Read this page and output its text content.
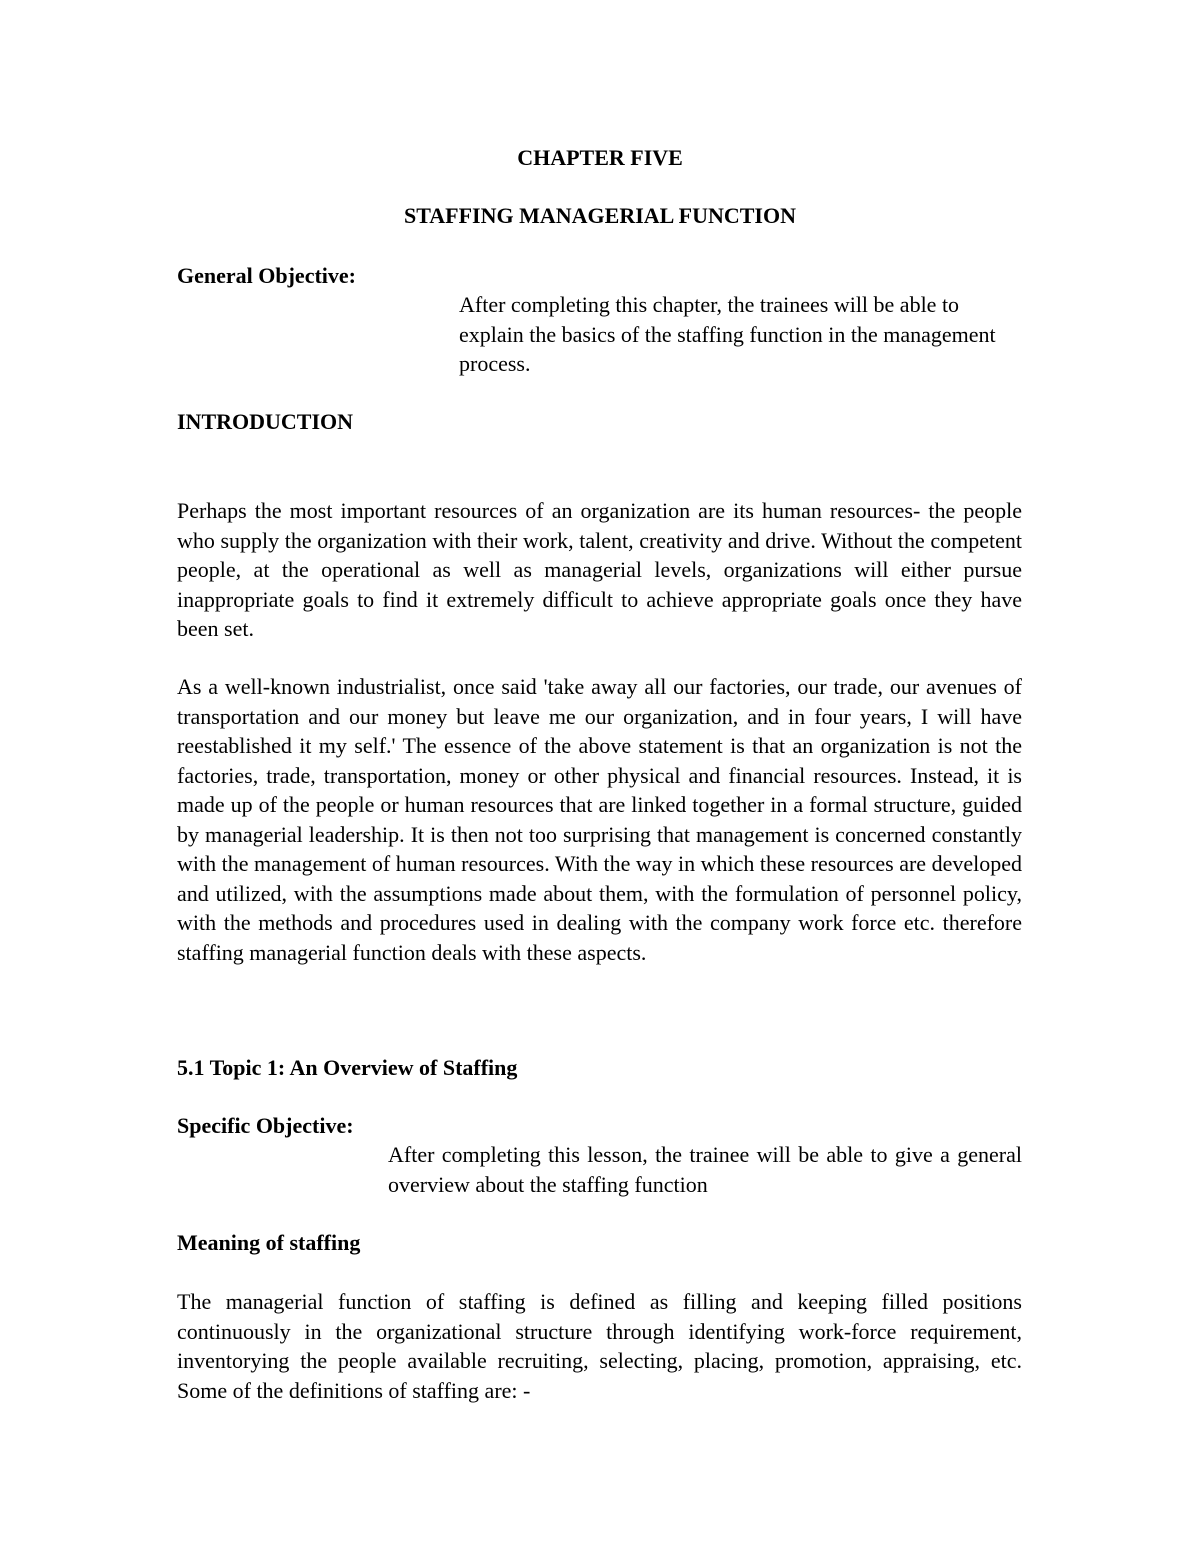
CHAPTER FIVE

STAFFING MANAGERIAL FUNCTION

General Objective:

After completing this chapter, the trainees will be able to explain the basics of the staffing function in the management process.

INTRODUCTION

Perhaps the most important resources of an organization are its human resources- the people who supply the organization with their work, talent, creativity and drive. Without the competent people, at the operational as well as managerial levels, organizations will either pursue inappropriate goals to find it extremely difficult to achieve appropriate goals once they have been set.

As a well-known industrialist, once said 'take away all our factories, our trade, our avenues of transportation and our money but leave me our organization, and in four years, I will have reestablished it my self.' The essence of the above statement is that an organization is not the factories, trade, transportation, money or other physical and financial resources. Instead, it is made up of the people or human resources that are linked together in a formal structure, guided by managerial leadership. It is then not too surprising that management is concerned constantly with the management of human resources. With the way in which these resources are developed and utilized, with the assumptions made about them, with the formulation of personnel policy, with the methods and procedures used in dealing with the company work force etc. therefore staffing managerial function deals with these aspects.

5.1 Topic 1: An Overview of Staffing

Specific Objective:

After completing this lesson, the trainee will be able to give a general overview about the staffing function

Meaning of staffing

The managerial function of staffing is defined as filling and keeping filled positions continuously in the organizational structure through identifying work-force requirement, inventorying the people available recruiting, selecting, placing, promotion, appraising, etc. Some of the definitions of staffing are: -
